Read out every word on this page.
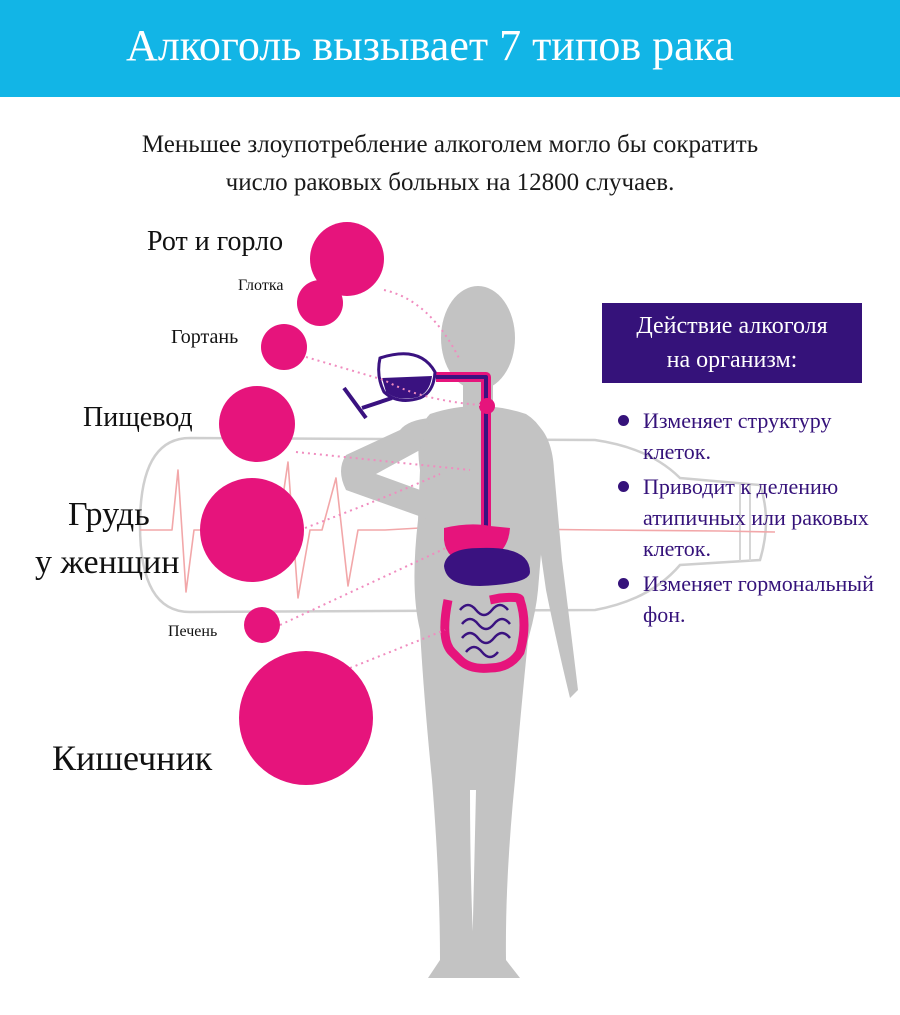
Алкоголь вызывает 7 типов рака
Меньшее злоупотребление алкоголем могло бы сократить
число раковых больных на 12800 случаев.
Рот и горло
Глотка
Гортань
Пищевод
Грудь
у женщин
Печень
Кишечник
Действие алкоголя
на организм:
Изменяет структуру
клеток.
Приводит к делению
атипичных или раковых
клеток.
Изменяет гормональный
фон.
